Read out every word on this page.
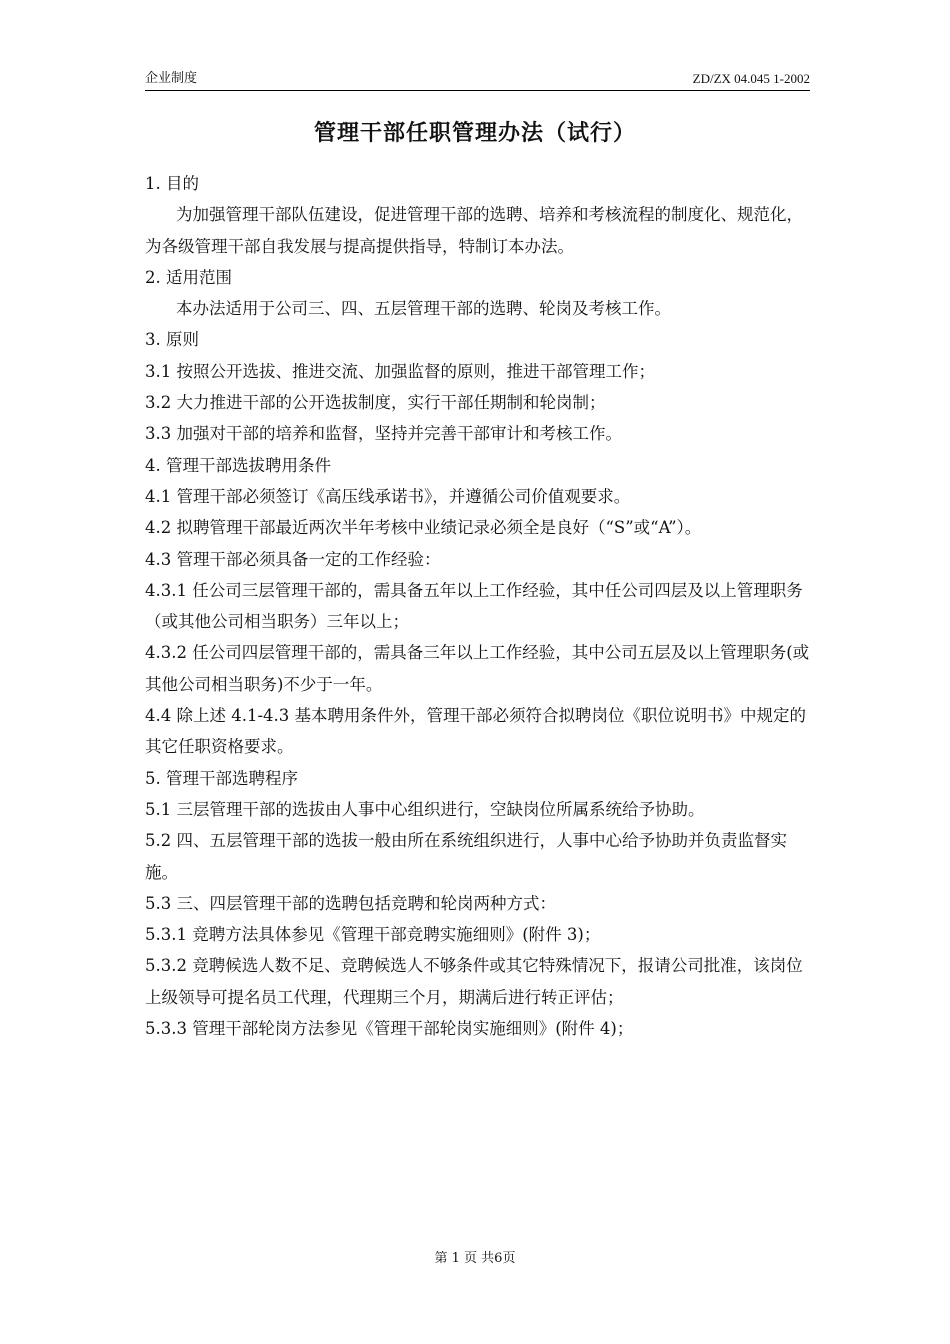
企业制度	ZD/ZX 04.045 1-2002
管理干部任职管理办法（试行）

1. 目的

为加强管理干部队伍建设，促进管理干部的选聘、培养和考核流程的制度化、规范化，为各级管理干部自我发展与提高提供指导，特制订本办法。

2. 适用范围

本办法适用于公司三、四、五层管理干部的选聘、轮岗及考核工作。

3. 原则

3.1 按照公开选拔、推进交流、加强监督的原则，推进干部管理工作；

3.2 大力推进干部的公开选拔制度，实行干部任期制和轮岗制；

3.3 加强对干部的培养和监督，坚持并完善干部审计和考核工作。

4. 管理干部选拔聘用条件

4.1 管理干部必须签订《高压线承诺书》，并遵循公司价值观要求。

4.2 拟聘管理干部最近两次半年考核中业绩记录必须全是良好（“S”或“A”）。

4.3 管理干部必须具备一定的工作经验：

4.3.1 任公司三层管理干部的，需具备五年以上工作经验，其中任公司四层及以上管理职务（或其他公司相当职务）三年以上；

4.3.2 任公司四层管理干部的，需具备三年以上工作经验，其中公司五层及以上管理职务(或其他公司相当职务)不少于一年。

4.4 除上述 4.1-4.3 基本聘用条件外，管理干部必须符合拟聘岗位《职位说明书》中规定的其它任职资格要求。

5. 管理干部选聘程序

5.1 三层管理干部的选拔由人事中心组织进行，空缺岗位所属系统给予协助。

5.2 四、五层管理干部的选拔一般由所在系统组织进行，人事中心给予协助并负责监督实施。

5.3 三、四层管理干部的选聘包括竞聘和轮岗两种方式：

5.3.1 竞聘方法具体参见《管理干部竞聘实施细则》(附件 3)；

5.3.2 竞聘候选人数不足、竞聘候选人不够条件或其它特殊情况下，报请公司批准，该岗位上级领导可提名员工代理，代理期三个月，期满后进行转正评估；

5.3.3 管理干部轮岗方法参见《管理干部轮岗实施细则》(附件 4)；

第 1 页 共6页
